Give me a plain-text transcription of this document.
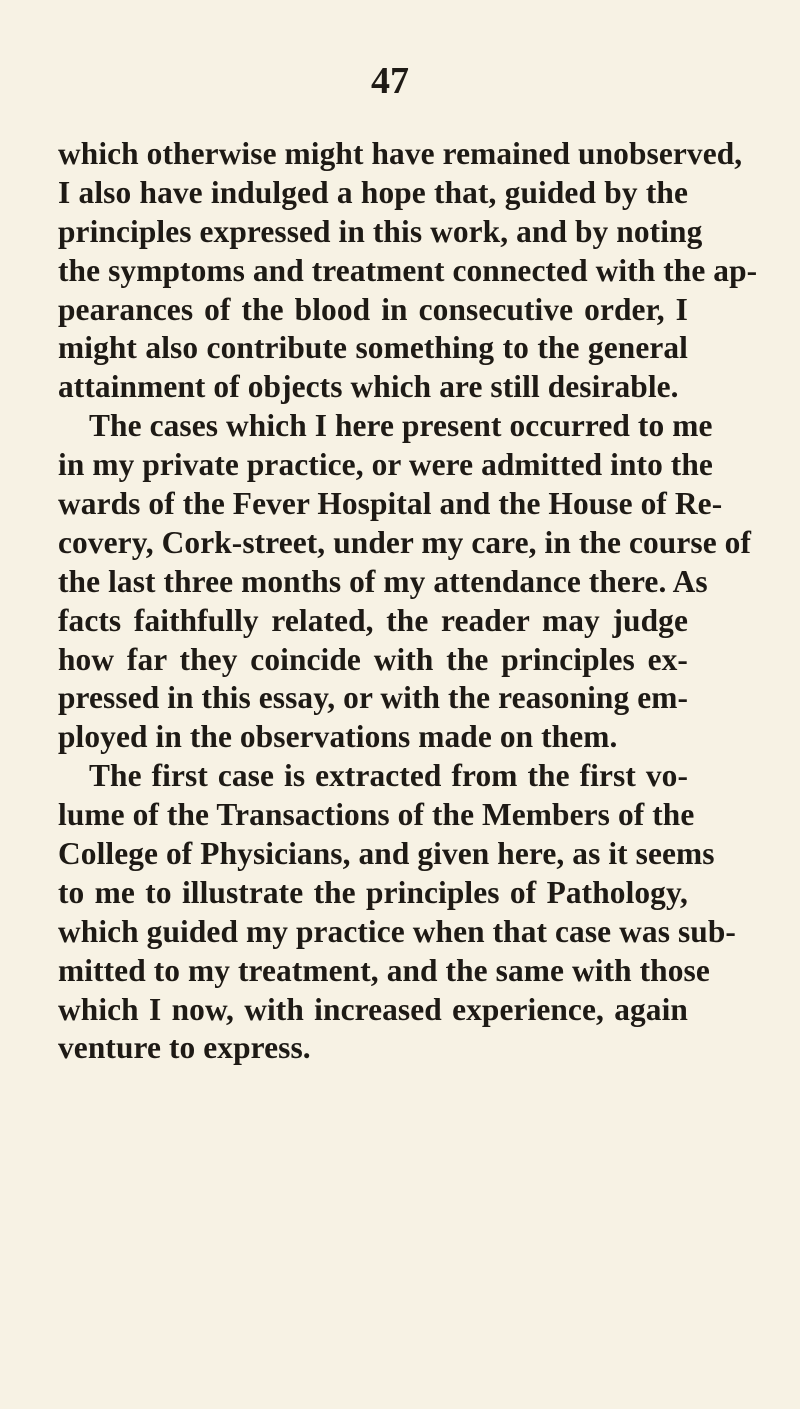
47
which otherwise might have remained unobserved,
I also have indulged a hope that, guided by the
principles expressed in this work, and by noting
the symptoms and treatment connected with the ap-
pearances of the blood in consecutive order, I
might also contribute something to the general
attainment of objects which are still desirable.
The cases which I here present occurred to me
in my private practice, or were admitted into the
wards of the Fever Hospital and the House of Re-
covery, Cork-street, under my care, in the course of
the last three months of my attendance there. As
facts faithfully related, the reader may judge
how far they coincide with the principles ex-
pressed in this essay, or with the reasoning em-
ployed in the observations made on them.
The first case is extracted from the first vo-
lume of the Transactions of the Members of the
College of Physicians, and given here, as it seems
to me to illustrate the principles of Pathology,
which guided my practice when that case was sub-
mitted to my treatment, and the same with those
which I now, with increased experience, again
venture to express.
